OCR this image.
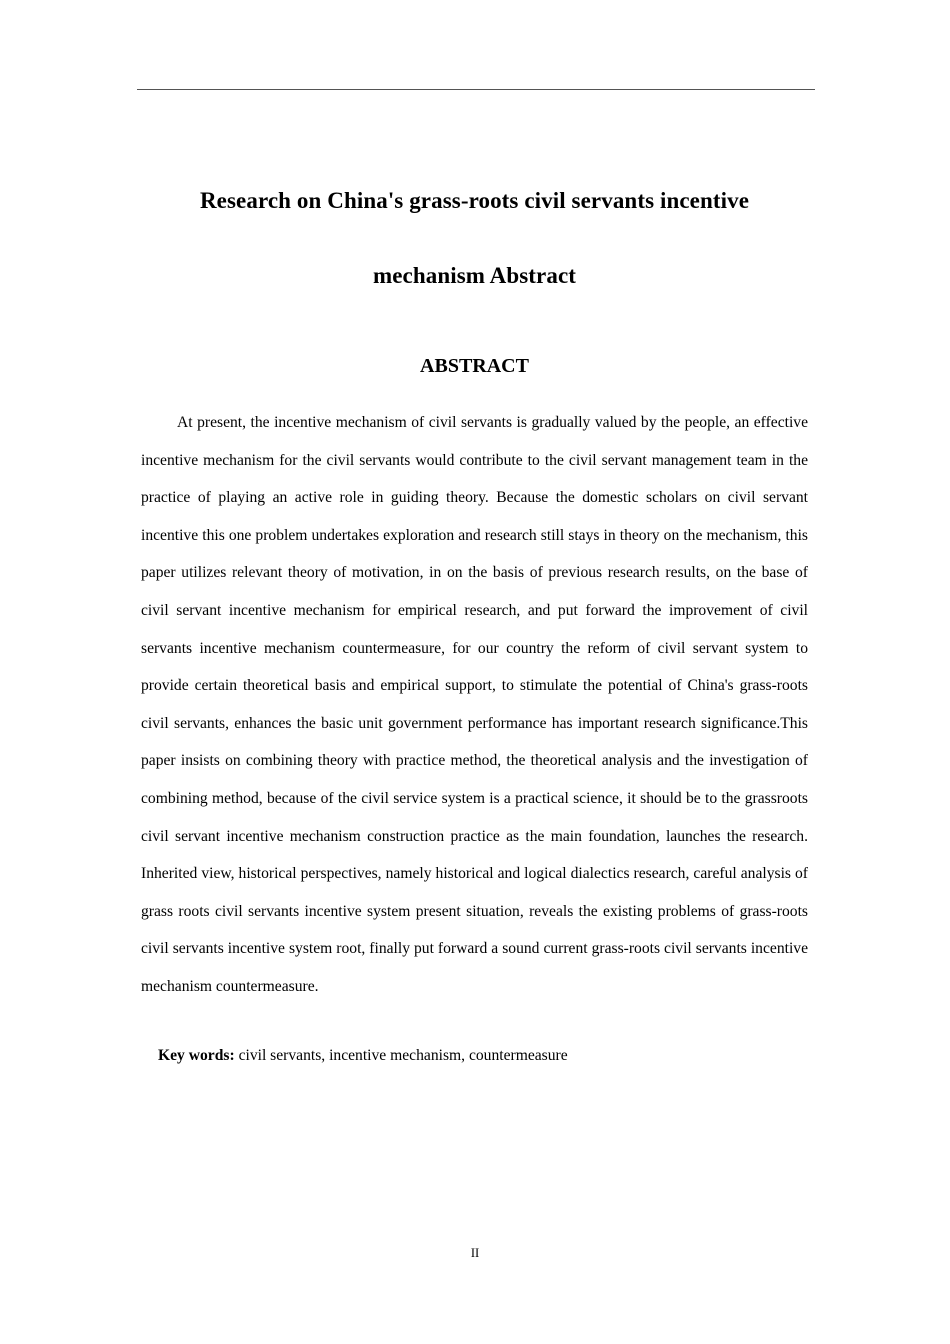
Research on China's grass-roots civil servants incentive
mechanism Abstract
ABSTRACT

At present, the incentive mechanism of civil servants is gradually valued by the people, an effective incentive mechanism for the civil servants would contribute to the civil servant management team in the practice of playing an active role in guiding theory. Because the domestic scholars on civil servant incentive this one problem undertakes exploration and research still stays in theory on the mechanism, this paper utilizes relevant theory of motivation, in on the basis of previous research results, on the base of civil servant incentive mechanism for empirical research, and put forward the improvement of civil servants incentive mechanism countermeasure, for our country the reform of civil servant system to provide certain theoretical basis and empirical support, to stimulate the potential of China's grass-roots civil servants, enhances the basic unit government performance has important research significance.This paper insists on combining theory with practice method, the theoretical analysis and the investigation of combining method, because of the civil service system is a practical science, it should be to the grassroots civil servant incentive mechanism construction practice as the main foundation, launches the research. Inherited view, historical perspectives, namely historical and logical dialectics research, careful analysis of grass roots civil servants incentive system present situation, reveals the existing problems of grass-roots civil servants incentive system root, finally put forward a sound current grass-roots civil servants incentive mechanism countermeasure.

Key words: civil servants, incentive mechanism, countermeasure

II
